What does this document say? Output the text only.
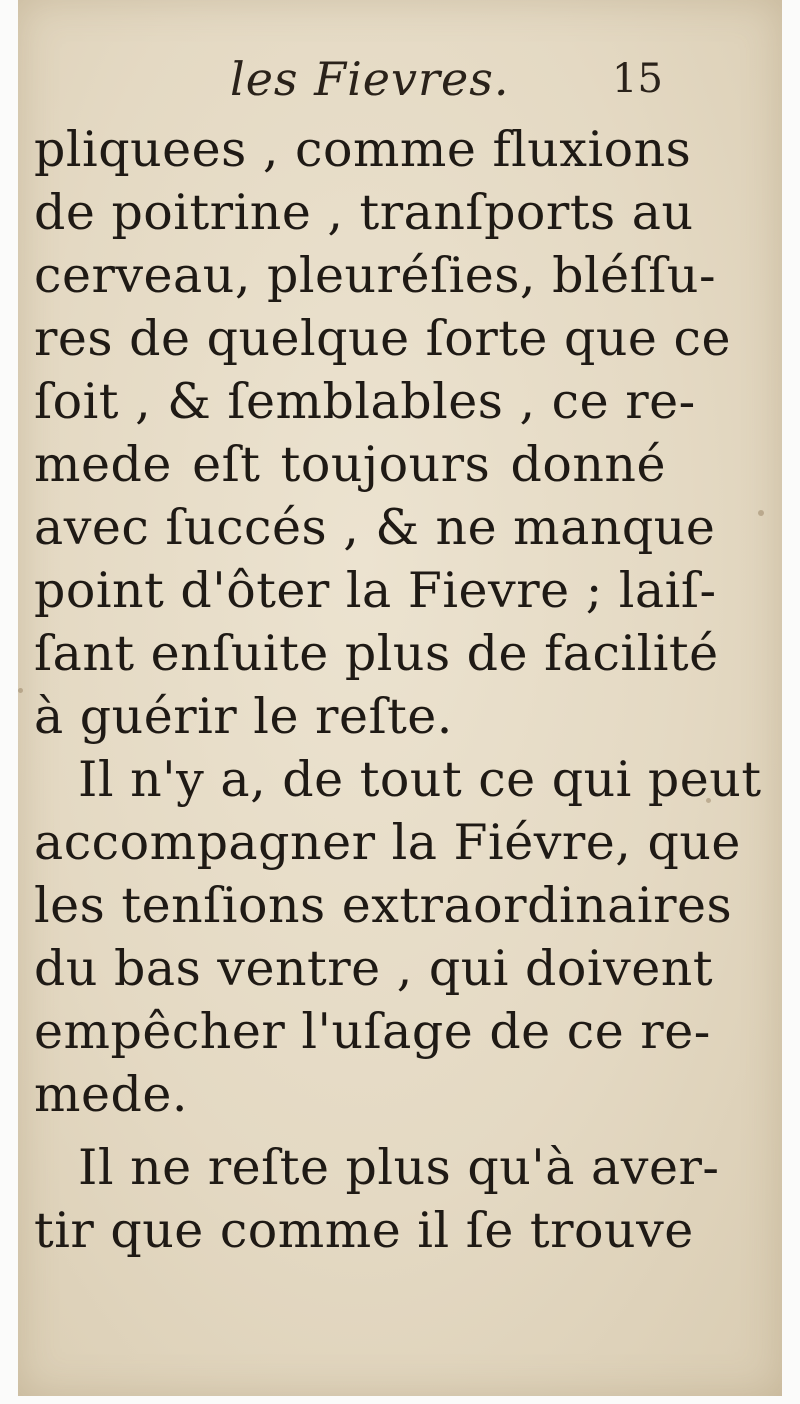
les Fievres.	15
pliquees , comme fluxions
de poitrine , tranſports au
cerveau, pleuréſies, bléſſu-
res de quelque ſorte que ce
ſoit , & ſemblables , ce re-
mede eſt toujours donné
avec ſuccés , & ne manque
point d'ôter la Fievre ; laiſ-
ſant enſuite plus de facilité
à guérir le reſte.
Il n'y a, de tout ce qui peut
accompagner la Fiévre, que
les tenſions extraordinaires
du bas ventre , qui doivent
empêcher l'uſage de ce re-
mede.
Il ne reſte plus qu'à aver-
tir que comme il ſe trouve
